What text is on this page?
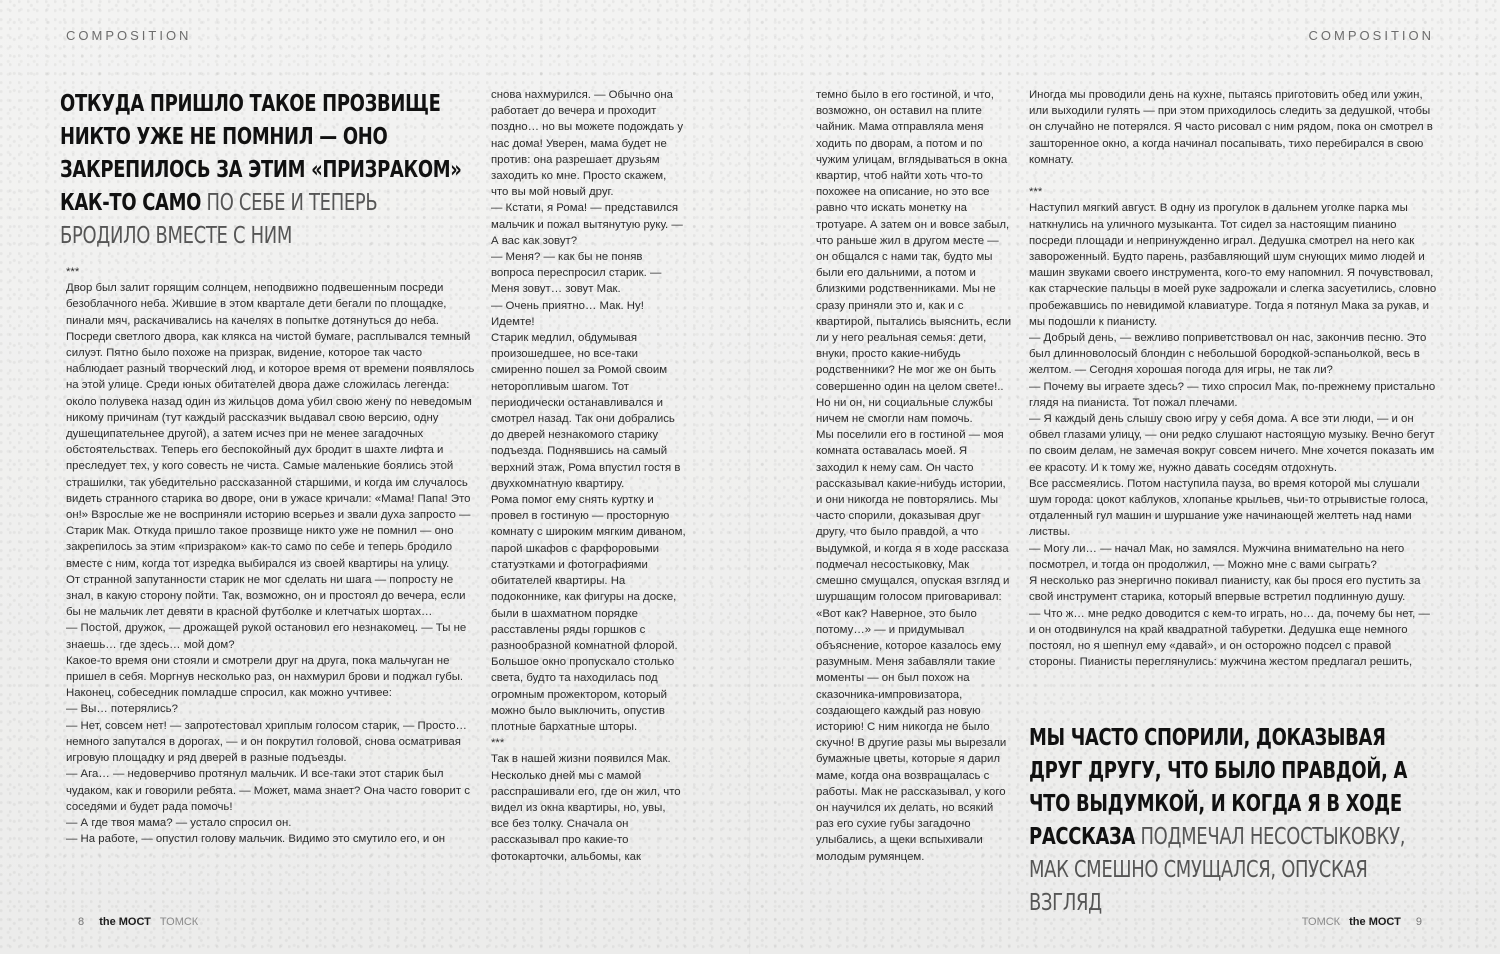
COMPOSITION	COMPOSITION
ОТКУДА ПРИШЛО ТАКОЕ ПРОЗВИЩЕ НИКТО УЖЕ НЕ ПОМНИЛ — ОНО ЗАКРЕПИЛОСЬ ЗА ЭТИМ «ПРИЗРАКОМ» КАК-ТО САМО ПО СЕБЕ И ТЕПЕРЬ БРОДИЛО ВМЕСТЕ С НИМ
***
Двор был залит горящим солнцем, неподвижно подвешенным посреди безоблачного неба. Жившие в этом квартале дети бегали по площадке, пинали мяч, раскачивались на качелях в попытке дотянуться до неба. Посреди светлого двора, как клякса на чистой бумаге, расплывался темный силуэт. Пятно было похоже на призрак, видение, которое так часто наблюдает разный творческий люд, и которое время от времени появлялось на этой улице. Среди юных обитателей двора даже сложилась легенда: около полувека назад один из жильцов дома убил свою жену по неведомым никому причинам (тут каждый рассказчик выдавал свою версию, одну душещипательнее другой), а затем исчез при не менее загадочных обстоятельствах. Теперь его беспокойный дух бродит в шахте лифта и преследует тех, у кого совесть не чиста. Самые маленькие боялись этой страшилки, так убедительно рассказанной старшими, и когда им случалось видеть странного старика во дворе, они в ужасе кричали: «Мама! Папа! Это он!» Взрослые же не восприняли историю всерьез и звали духа запросто — Старик Мак. Откуда пришло такое прозвище никто уже не помнил — оно закрепилось за этим «призраком» как-то само по себе и теперь бродило вместе с ним, когда тот изредка выбирался из своей квартиры на улицу.
От странной запутанности старик не мог сделать ни шага — попросту не знал, в какую сторону пойти. Так, возможно, он и простоял до вечера, если бы не мальчик лет девяти в красной футболке и клетчатых шортах…
— Постой, дружок, — дрожащей рукой остановил его незнакомец. — Ты не знаешь… где здесь… мой дом?
Какое-то время они стояли и смотрели друг на друга, пока мальчуган не пришел в себя. Моргнув несколько раз, он нахмурил брови и поджал губы.
Наконец, собеседник помладше спросил, как можно учтивее:
— Вы… потерялись?
— Нет, совсем нет! — запротестовал хриплым голосом старик, — Просто… немного запутался в дорогах, — и он покрутил головой, снова осматривая игровую площадку и ряд дверей в разные подъезды.
— Ага… — недоверчиво протянул мальчик. И все-таки этот старик был чудаком, как и говорили ребята. — Может, мама знает? Она часто говорит с соседями и будет рада помочь!
— А где твоя мама? — устало спросил он.
— На работе, — опустил голову мальчик. Видимо это смутило его, и он
снова нахмурился. — Обычно она работает до вечера и проходит поздно… но вы можете подождать у нас дома! Уверен, мама будет не против: она разрешает друзьям заходить ко мне. Просто скажем, что вы мой новый друг.
— Кстати, я Рома! — представился мальчик и пожал вытянутую руку. — А вас как зовут?
— Меня? — как бы не поняв вопроса переспросил старик. — Меня зовут… зовут Мак.
— Очень приятно… Мак. Ну! Идемте!
Старик медлил, обдумывая произошедшее, но все-таки смиренно пошел за Ромой своим неторопливым шагом. Тот периодически останавливался и смотрел назад. Так они добрались до дверей незнакомого старику подъезда. Поднявшись на самый верхний этаж, Рома впустил гостя в двухкомнатную квартиру.
Рома помог ему снять куртку и провел в гостиную — просторную комнату с широким мягким диваном, парой шкафов с фарфоровыми статуэтками и фотографиями обитателей квартиры. На подоконнике, как фигуры на доске, были в шахматном порядке расставлены ряды горшков с разнообразной комнатной флорой. Большое окно пропускало столько света, будто та находилась под огромным прожектором, который можно было выключить, опустив плотные бархатные шторы.
***
Так в нашей жизни появился Мак. Несколько дней мы с мамой расспрашивали его, где он жил, что видел из окна квартиры, но, увы, все без толку. Сначала он рассказывал про какие-то фотокарточки, альбомы, как
темно было в его гостиной, и что, возможно, он оставил на плите чайник. Мама отправляла меня ходить по дворам, а потом и по чужим улицам, вглядываться в окна квартир, чтоб найти хоть что-то похожее на описание, но это все равно что искать монетку на тротуаре. А затем он и вовсе забыл, что раньше жил в другом месте — он общался с нами так, будто мы были его дальними, а потом и близкими родственниками. Мы не сразу приняли это и, как и с квартирой, пытались выяснить, если ли у него реальная семья: дети, внуки, просто какие-нибудь родственники? Не мог же он быть совершенно один на целом свете!.. Но ни он, ни социальные службы ничем не смогли нам помочь.
Мы поселили его в гостиной — моя комната оставалась моей. Я заходил к нему сам. Он часто рассказывал какие-нибудь истории, и они никогда не повторялись. Мы часто спорили, доказывая друг другу, что было правдой, а что выдумкой, и когда я в ходе рассказа подмечал несостыковку, Мак смешно смущался, опуская взгляд и шуршащим голосом приговаривал: «Вот как? Наверное, это было потому…» — и придумывал объяснение, которое казалось ему разумным. Меня забавляли такие моменты — он был похож на сказочника-импровизатора, создающего каждый раз новую историю! С ним никогда не было скучно! В другие разы мы вырезали бумажные цветы, которые я дарил маме, когда она возвращалась с работы. Мак не рассказывал, у кого он научился их делать, но всякий раз его сухие губы загадочно улыбались, а щеки вспыхивали молодым румянцем.
Иногда мы проводили день на кухне, пытаясь приготовить обед или ужин, или выходили гулять — при этом приходилось следить за дедушкой, чтобы он случайно не потерялся. Я часто рисовал с ним рядом, пока он смотрел в зашторенное окно, а когда начинал посапывать, тихо перебирался в свою комнату.

***
Наступил мягкий август. В одну из прогулок в дальнем уголке парка мы наткнулись на уличного музыканта. Тот сидел за настоящим пианино посреди площади и непринужденно играл. Дедушка смотрел на него как завороженный. Будто парень, разбавляющий шум снующих мимо людей и машин звуками своего инструмента, кого-то ему напомнил. Я почувствовал, как старческие пальцы в моей руке задрожали и слегка засуетились, словно пробежавшись по невидимой клавиатуре. Тогда я потянул Мака за рукав, и мы подошли к пианисту.
— Добрый день, — вежливо поприветствовал он нас, закончив песню. Это был длинноволосый блондин с небольшой бородкой-эспаньолкой, весь в желтом. — Сегодня хорошая погода для игры, не так ли?
— Почему вы играете здесь? — тихо спросил Мак, по-прежнему пристально глядя на пианиста. Тот пожал плечами.
— Я каждый день слышу свою игру у себя дома. А все эти люди, — и он обвел глазами улицу, — они редко слушают настоящую музыку. Вечно бегут по своим делам, не замечая вокруг совсем ничего. Мне хочется показать им ее красоту. И к тому же, нужно давать соседям отдохнуть.
Все рассмеялись. Потом наступила пауза, во время которой мы слушали шум города: цокот каблуков, хлопанье крыльев, чьи-то отрывистые голоса, отдаленный гул машин и шуршание уже начинающей желтеть над нами листвы.
— Могу ли… — начал Мак, но замялся. Мужчина внимательно на него посмотрел, и тогда он продолжил, — Можно мне с вами сыграть?
Я несколько раз энергично покивал пианисту, как бы прося его пустить за свой инструмент старика, который впервые встретил подлинную душу.
— Что ж… мне редко доводится с кем-то играть, но… да, почему бы нет, — и он отодвинулся на край квадратной табуретки. Дедушка еще немного постоял, но я шепнул ему «давай», и он осторожно подсел с правой стороны. Пианисты переглянулись: мужчина жестом предлагал решить,
МЫ ЧАСТО СПОРИЛИ, ДОКАЗЫВАЯ ДРУГ ДРУГУ, ЧТО БЫЛО ПРАВДОЙ, А ЧТО ВЫДУМКОЙ, И КОГДА Я В ХОДЕ РАССКАЗА ПОДМЕЧАЛ НЕСОСТЫКОВКУ, МАК СМЕШНО СМУЩАЛСЯ, ОПУСКАЯ ВЗГЛЯД
8 the МОСТ ТОМСК	ТОМСК the МОСТ 9
